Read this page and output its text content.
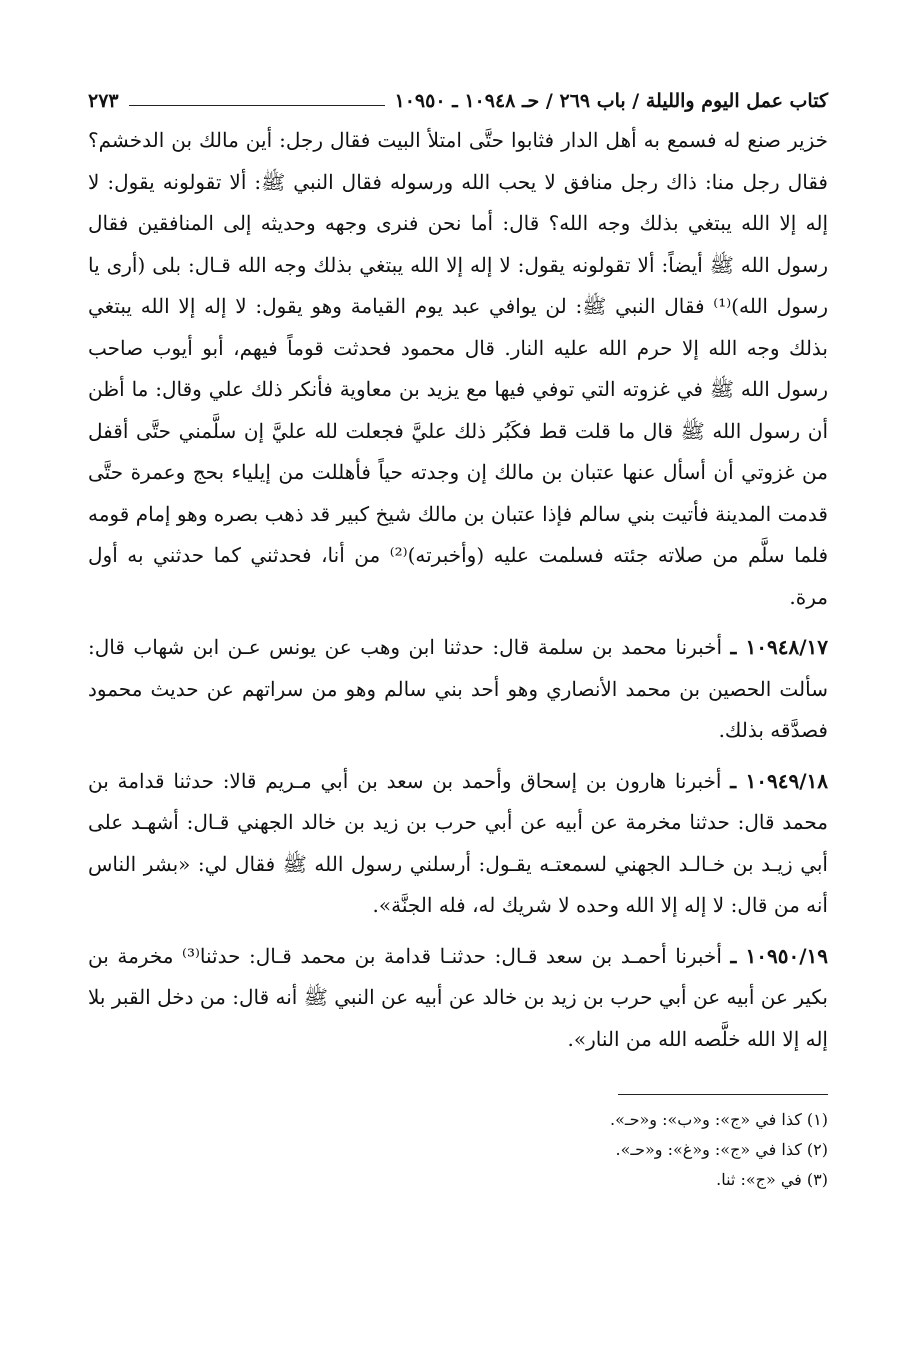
كتاب عمل اليوم والليلة / باب ٢٦٩ / حـ ١٠٩٤٨ ـ ١٠٩٥٠
٢٧٣

خزير صنع له فسمع به أهل الدار فثابوا حتَّى امتلأ البيت فقال رجل: أين مالك بن الدخشم؟ فقال رجل منا: ذاك رجل منافق لا يحب الله ورسوله فقال النبي ﷺ: ألا تقولونه يقول: لا إله إلا الله يبتغي بذلك وجه الله؟ قال: أما نحن فنرى وجهه وحديثه إلى المنافقين فقال رسول الله ﷺ أيضاً: ألا تقولونه يقول: لا إله إلا الله يبتغي بذلك وجه الله قـال: بلى (أرى يا رسول الله)⁽¹⁾ فقال النبي ﷺ: لن يوافي عبد يوم القيامة وهو يقول: لا إله إلا الله يبتغي بذلك وجه الله إلا حرم الله عليه النار. قال محمود فحدثت قوماً فيهم، أبو أيوب صاحب رسول الله ﷺ في غزوته التي توفي فيها مع يزيد بن معاوية فأنكر ذلك علي وقال: ما أظن أن رسول الله ﷺ قال ما قلت قط فكَبُر ذلك عليَّ فجعلت لله عليَّ إن سلَّمني حتَّى أقفل من غزوتي أن أسأل عنها عتبان بن مالك إن وجدته حياً فأهللت من إيلياء بحج وعمرة حتَّى قدمت المدينة فأتيت بني سالم فإذا عتبان بن مالك شيخ كبير قد ذهب بصره وهو إمام قومه فلما سلَّم من صلاته جئته فسلمت عليه (وأخبرته)⁽²⁾ من أنا، فحدثني كما حدثني به أول مرة.

١٠٩٤٨/١٧ ـ أخبرنا محمد بن سلمة قال: حدثنا ابن وهب عن يونس عـن ابن شهاب قال: سألت الحصين بن محمد الأنصاري وهو أحد بني سالم وهو من سراتهم عن حديث محمود فصدَّقه بذلك.

١٠٩٤٩/١٨ ـ أخبرنا هارون بن إسحاق وأحمد بن سعد بن أبي مـريم قالا: حدثنا قدامة بن محمد قال: حدثنا مخرمة عن أبيه عن أبي حرب بن زيد بن خالد الجهني قـال: أشهـد على أبي زيـد بن خـالـد الجهني لسمعتـه يقـول: أرسلني رسول الله ﷺ فقال لي: «بشر الناس أنه من قال: لا إله إلا الله وحده لا شريك له، فله الجنَّة».

١٠٩٥٠/١٩ ـ أخبرنا أحمـد بن سعد قـال: حدثنـا قدامة بن محمد قـال: حدثنا⁽³⁾ مخرمة بن بكير عن أبيه عن أبي حرب بن زيد بن خالد عن أبيه عن النبي ﷺ أنه قال: من دخل القبر بلا إله إلا الله خلَّصه الله من النار».

(١) كذا في «ج»: و«ب»: و«حـ».

(٢) كذا في «ج»: و«غ»: و«حـ».

(٣) في «ج»: ثنا.
